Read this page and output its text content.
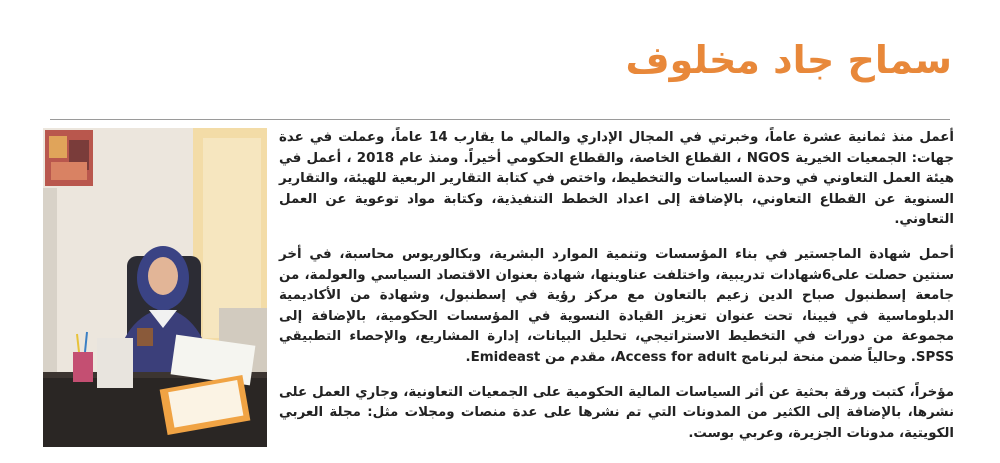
سماح جاد مخلوف

أعمل منذ ثمانية عشرة عاماً، وخبرتي في المجال الإداري والمالي ما يقارب 14 عاماً، وعملت في عدة جهات: الجمعيات الخيرية NGOS ، القطاع الخاصة، والقطاع الحكومي أخيراً. ومنذ عام 2018 ، أعمل في هيئة العمل التعاوني في وحدة السياسات والتخطيط، واختص في كتابة التقارير الربعية للهيئة، والتقارير السنوية عن القطاع التعاوني، بالإضافة إلى اعداد الخطط التنفيذية، وكتابة مواد توعوية عن العمل التعاوني.

أحمل شهادة الماجستير في بناء المؤسسات وتنمية الموارد البشرية، وبكالوريوس محاسبة، في أخر سنتين حصلت على6شهادات تدريبية، واختلفت عناوينها، شهادة بعنوان الاقتصاد السياسي والعولمة، من جامعة إسطنبول صباح الدين زعيم بالتعاون مع مركز رؤية في إسطنبول، وشهادة من الأكاديمية الدبلوماسية في فيينا، تحت عنوان تعزيز القيادة النسوية في المؤسسات الحكومية، بالإضافة إلى مجموعة من دورات في التخطيط الاستراتيجي، تحليل البيانات، إدارة المشاريع، والإحصاء التطبيقي SPSS. وحالياً ضمن منحة لبرنامج Access for adult، مقدم من Emideast.

مؤخراً، كتبت ورقة بحثية عن أثر السياسات المالية الحكومية على الجمعيات التعاونية، وجاري العمل على نشرها، بالإضافة إلى الكثير من المدونات التي تم نشرها على عدة منصات ومجلات مثل: مجلة العربي الكويتية، مدونات الجزيرة، وعربي بوست.
